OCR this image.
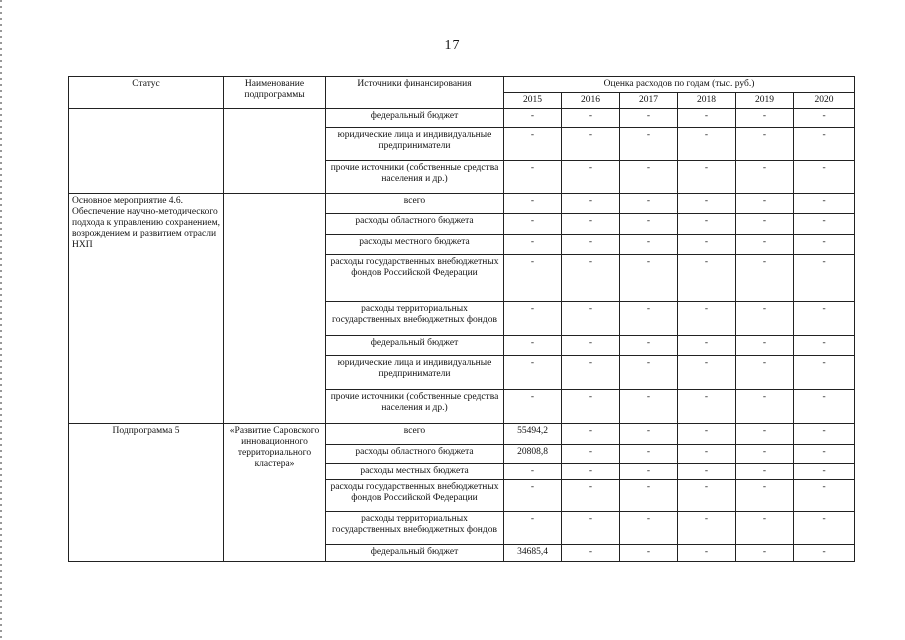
17
Статус	Наименование подпрограммы	Источники финансирования	Оценка расходов по годам (тыс. руб.)					
			2015	2016	2017	2018	2019	2020
		федеральный бюджет	-	-	-	-	-	-
		юридические лица и индивидуальные предприниматели	-	-	-	-	-	-
		прочие источники (собственные средства населения и др.)	-	-	-	-	-	-
Основное мероприятие 4.6. Обеспечение научно-методического подхода к управлению сохранением, возрождением и развитием отрасли НХП		всего	-	-	-	-	-	-
		расходы областного бюджета	-	-	-	-	-	-
		расходы местного бюджета	-	-	-	-	-	-
		расходы государственных внебюджетных фондов Российской Федерации	-	-	-	-	-	-
		расходы территориальных государственных внебюджетных фондов	-	-	-	-	-	-
		федеральный бюджет	-	-	-	-	-	-
		юридические лица и индивидуальные предприниматели	-	-	-	-	-	-
		прочие источники (собственные средства населения и др.)	-	-	-	-	-	-
Подпрограмма 5	«Развитие Саровского инновационного территориального кластера»	всего	55494,2	-	-	-	-	-
		расходы областного бюджета	20808,8	-	-	-	-	-
		расходы местных бюджета	-	-	-	-	-	-
		расходы государственных внебюджетных фондов Российской Федерации	-	-	-	-	-	-
		расходы территориальных государственных внебюджетных фондов	-	-	-	-	-	-
		федеральный бюджет	34685,4	-	-	-	-	-
